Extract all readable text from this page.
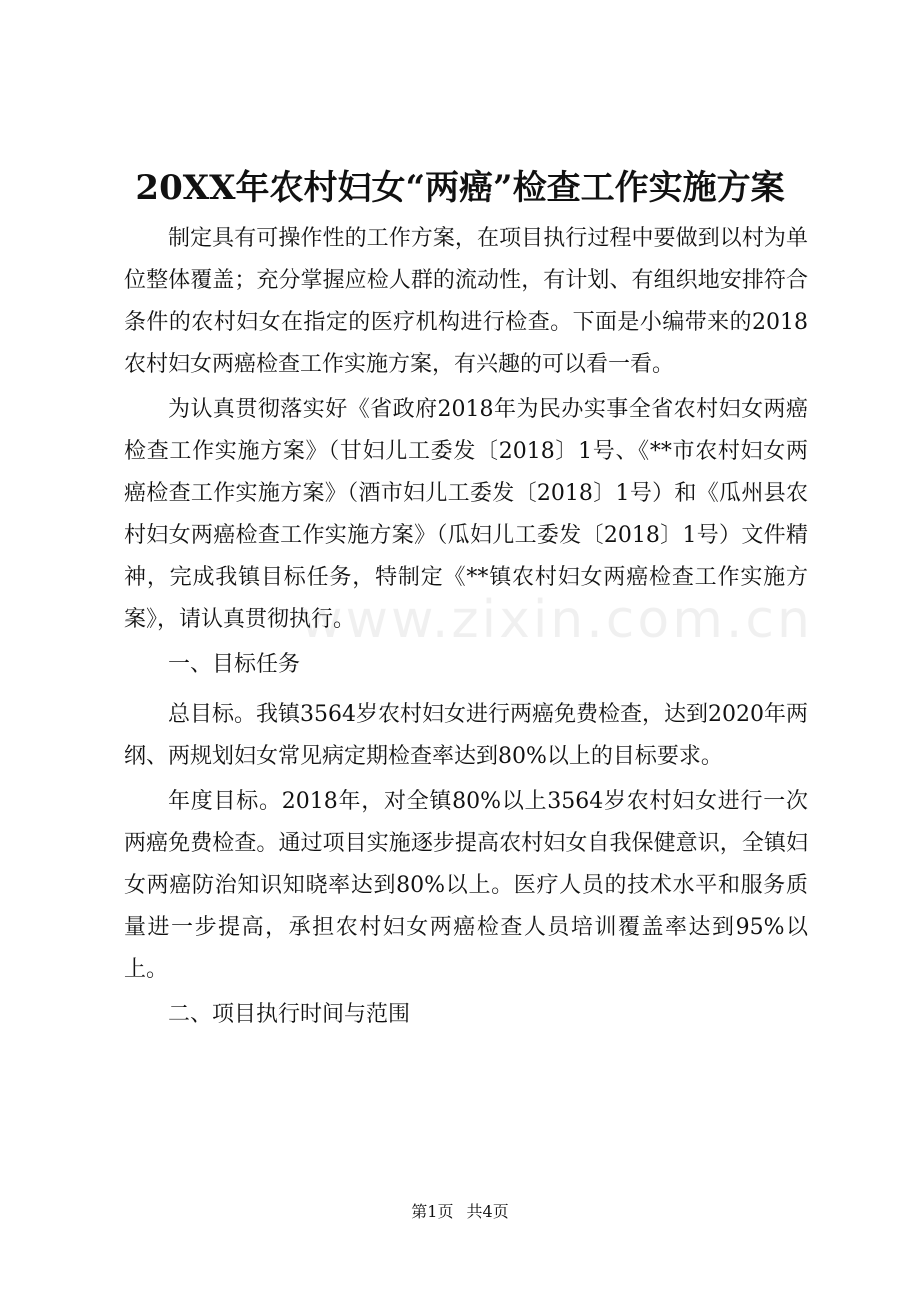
20XX年农村妇女“两癌”检查工作实施方案

制定具有可操作性的工作方案，在项目执行过程中要做到以村为单位整体覆盖；充分掌握应检人群的流动性，有计划、有组织地安排符合条件的农村妇女在指定的医疗机构进行检查。下面是小编带来的2018农村妇女两癌检查工作实施方案，有兴趣的可以看一看。

为认真贯彻落实好《省政府2018年为民办实事全省农村妇女两癌检查工作实施方案》（甘妇儿工委发〔2018〕1号、《**市农村妇女两癌检查工作实施方案》（酒市妇儿工委发〔2018〕1号）和《瓜州县农村妇女两癌检查工作实施方案》（瓜妇儿工委发〔2018〕1号）文件精神，完成我镇目标任务，特制定《**镇农村妇女两癌检查工作实施方案》，请认真贯彻执行。

一、目标任务

总目标。我镇3564岁农村妇女进行两癌免费检查，达到2020年两纲、两规划妇女常见病定期检查率达到80%以上的目标要求。

年度目标。2018年，对全镇80%以上3564岁农村妇女进行一次两癌免费检查。通过项目实施逐步提高农村妇女自我保健意识，全镇妇女两癌防治知识知晓率达到80%以上。医疗人员的技术水平和服务质量进一步提高，承担农村妇女两癌检查人员培训覆盖率达到95%以上。

二、项目执行时间与范围

www.zixin.com.cn
第1页 共4页
